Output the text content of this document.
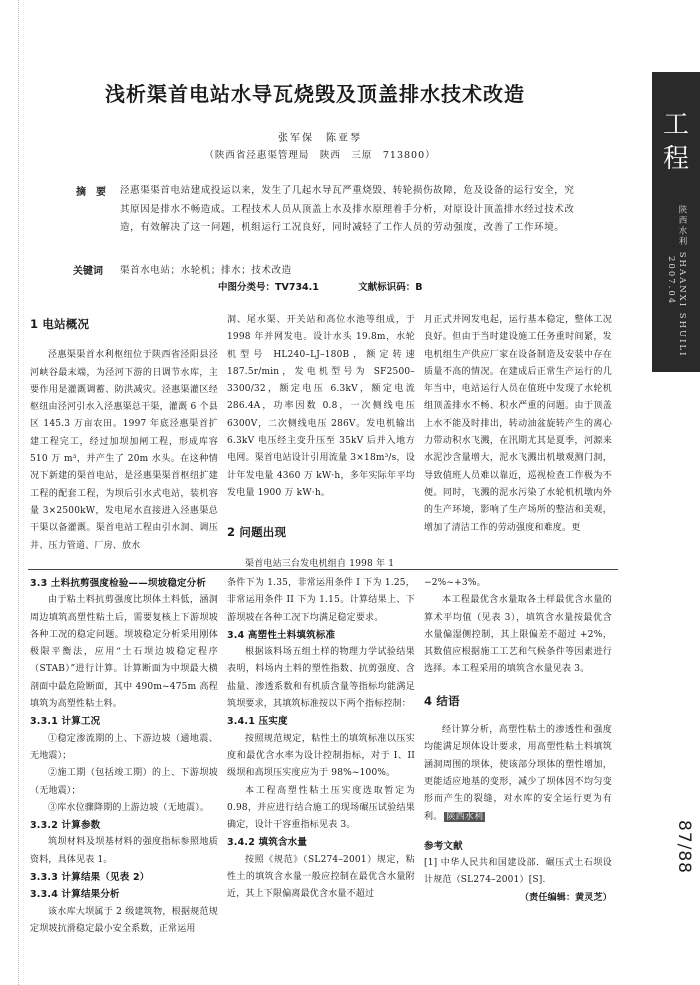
浅析渠首电站水导瓦烧毁及顶盖排水技术改造
张军保　陈亚琴
（陕西省泾惠渠管理局　陕西　三原　713800）
摘　要 泾惠渠渠首电站建成投运以来，发生了几起水导瓦严重烧毁、转轮损伤故障，危及设备的运行安全，究其原因是排水不畅造成。工程技术人员从顶盖上水及排水原理着手分析，对原设计顶盖排水经过技术改造，有效解决了这一问题，机组运行工况良好，同时减轻了工作人员的劳动强度，改善了工作环境。
关键词 渠首水电站；水轮机；排水；技术改造
中图分类号：TV734.1	文献标识码：B
工
程
陕西水利 SHAANXI SHUILI 2007.04
87/88

1 电站概况

泾惠渠渠首水利枢纽位于陕西省泾阳县泾河峡谷最末端，为泾河下游的日调节水库，主要作用是灌溉调蓄、防洪减灾。泾惠渠灌区经枢纽由泾河引水入泾惠渠总干渠，灌溉 6 个县区 145.3 万亩农田。1997 年底泾惠渠首扩建工程完工，经过加坝加闸工程，形成库容 510 万 m³，并产生了 20m 水头。在这种情况下新建的渠首电站，是泾惠渠渠首枢纽扩建工程的配套工程，为坝后引水式电站，装机容量 3×2500kW，发电尾水直接进入泾惠渠总干渠以备灌溉。渠首电站工程由引水洞、调压井、压力管道、厂房、放水

洞、尾水渠、开关站和高位水池等组成，于 1998 年并网发电。设计水头 19.8m，水轮机型号 HL240–LJ–180B，额定转速 187.5r/min，发电机型号为 SF2500–3300/32，额定电压 6.3kV，额定电流 286.4A，功率因数 0.8，一次侧线电压 6300V，二次侧线电压 286V。发电机输出 6.3kV 电压经主变升压至 35kV 后并入地方电网。渠首电站设计引用流量 3×18m³/s，设计年发电量 4360 万 kW·h，多年实际年平均发电量 1900 万 kW·h。

2 问题出现

渠首电站三台发电机组自 1998 年 1

月正式并网发电起，运行基本稳定，整体工况良好。但由于当时建设施工任务重时间紧，发电机组生产供应厂家在设备制造及安装中存在质量不高的情况。在建成后正常生产运行的几年当中，电站运行人员在值班中发现了水轮机组顶盖排水不畅、积水严重的问题。由于顶盖上水不能及时排出，转动油盆旋转产生的离心力带动积水飞溅，在汛期尤其是夏季，河源来水泥沙含量增大，泥水飞溅出机墩观测门洞，导致值班人员难以靠近，巡视检查工作极为不便。同时，飞溅的泥水污染了水轮机机墩内外的生产环境，影响了生产场所的整洁和美观，增加了清洁工作的劳动强度和难度。更

3.3 土料抗剪强度检验——坝坡稳定分析

由于粘土料抗剪强度比坝体土料低，涵洞周边填筑高塑性粘土后，需要复核上下游坝坡各种工况的稳定问题。坝坡稳定分析采用刚体极限平衡法，应用“土石坝边坡稳定程序（STAB）”进行计算。计算断面为中坝最大横剖面中最危险断面，其中 490m~475m 高程填筑为高塑性粘土料。

3.3.1 计算工况

①稳定渗流期的上、下游边坡（通地震、无地震）；

②施工期（包括竣工期）的上、下游坝坡（无地震）；

③库水位骤降期的上游边坡（无地震）。

3.3.2 计算参数

筑坝材料及坝基材料的强度指标参照地质资料，具体见表 1。

3.3.3 计算结果（见表 2）

3.3.4 计算结果分析

该水库大坝属于 2 级建筑物，根据规范规定坝坡抗滑稳定最小安全系数，正常运用

条件下为 1.35，非常运用条件 I 下为 1.25，非常运用条件 II 下为 1.15。计算结果上、下游坝坡在各种工况下均满足稳定要求。

3.4 高塑性土料填筑标准

根据该料场五组土样的物理力学试验结果表明，料场内土料的塑性指数、抗剪强度、含盐量、渗透系数和有机质含量等指标均能满足筑坝要求，其填筑标准按以下两个指标控制：

3.4.1 压实度

按照规范规定，粘性土的填筑标准以压实度和最优含水率为设计控制指标，对于 I、II 级坝和高坝压实度应为于 98%~100%。

本工程高塑性粘土压实度选取暂定为 0.98，并应进行结合施工的现场碾压试验结果确定，设计干容重指标见表 3。

3.4.2 填筑含水量

按照《规范》（SL274–2001）规定，粘性土的填筑含水量一般应控制在最优含水量附近，其上下限偏离最优含水量不超过

−2%~+3%。

本工程最优含水量取各土样最优含水量的算术平均值（见表 3），填筑含水量按最优含水量偏湿侧控制，其上限偏差不超过 +2%，其数值应根据施工工艺和气候条件等因素进行选择。本工程采用的填筑含水量见表 3。

4 结语

经计算分析，高塑性粘土的渗透性和强度均能满足坝体设计要求，用高塑性粘土料填筑涵洞周围的坝体，使该部分坝体的塑性增加，更能适应地基的变形，减少了坝体因不均匀变形而产生的裂缝，对水库的安全运行更为有利。 陕西水利

参考文献

[1] 中华人民共和国建设部．碾压式土石坝设计规范（SL274–2001）[S].

（责任编辑：黄灵芝）
